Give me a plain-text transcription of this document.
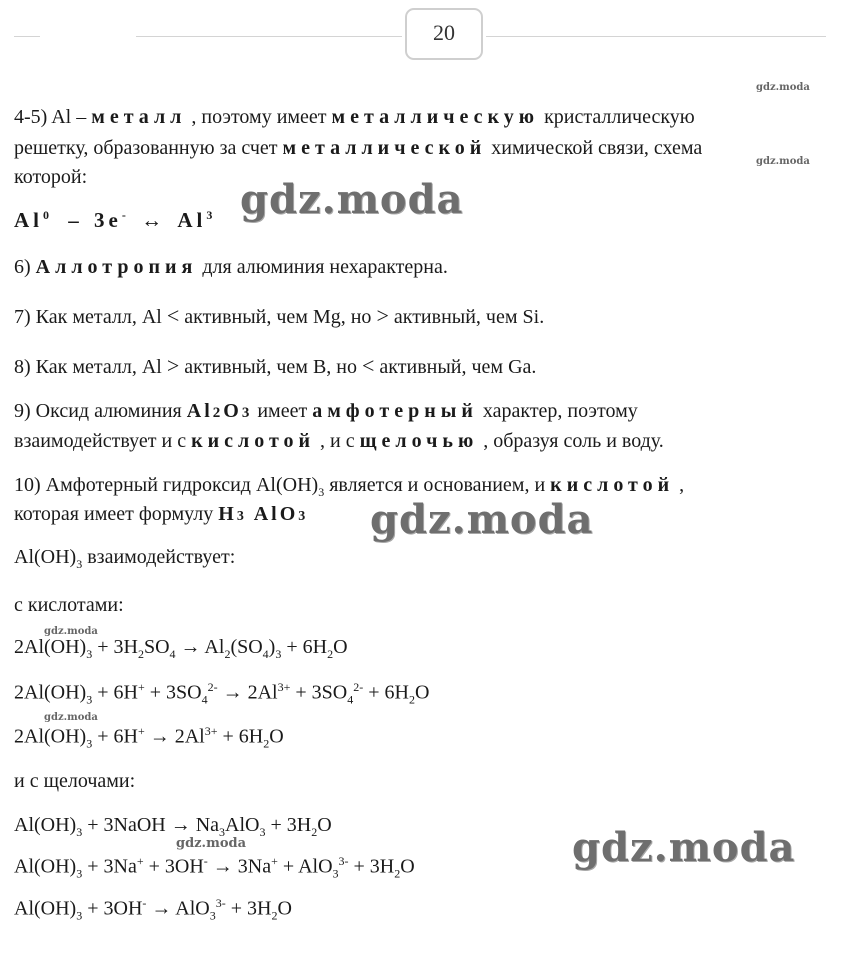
20
gdz.moda
gdz.moda
gdz.moda
gdz.moda
gdz.moda
4-5) Al – металл , поэтому имеет металлическую кристаллическую
решетку, образованную за счет металлической химической связи, схема
которой:
Al$^0$ – 3e- ↔ Al$^3$
6) Аллотропия для алюминия нехарактерна.
7) Как металл, Al < активный, чем Mg, но > активный, чем Si.
8) Как металл, Al > активный, чем B, но < активный, чем Ga.
9) Оксид алюминия Al2O3 имеет амфотерный характер, поэтому
взаимодействует и с кислотой , и с щелочью , образуя соль и воду.
10) Амфотерный гидроксид $Al(OH)_3$ является и основанием, и кислотой ,
которая имеет формулу H3 AlO3
$Al(OH)_3$ взаимодействует:
с кислотами:
$2Al(OH)_3 + 3H_2SO_4 \to Al_2(SO_4)_3 + 6H_2O$
$2Al(OH)_3 + 6H^+ + 3SO_4^{2-} \to 2Al^{3+} + 3SO_4^{2-} + 6H_2O$
$2Al(OH)_3 + 6H^+ \to 2Al^{3+} + 6H_2O$
и с щелочами:
$Al(OH)_3$ + 3NaOH → $Na_3AlO_3 + 3H_2O$
$Al(OH)_3 + 3Na^+ + 3OH^- \to 3Na^+ + AlO_3^{3-} + 3H_2O$
$Al(OH)_3 + 3OH^- \to AlO_3^{3-} + 3H_2O$
gdz.moda
gdz.moda
gdz.moda
